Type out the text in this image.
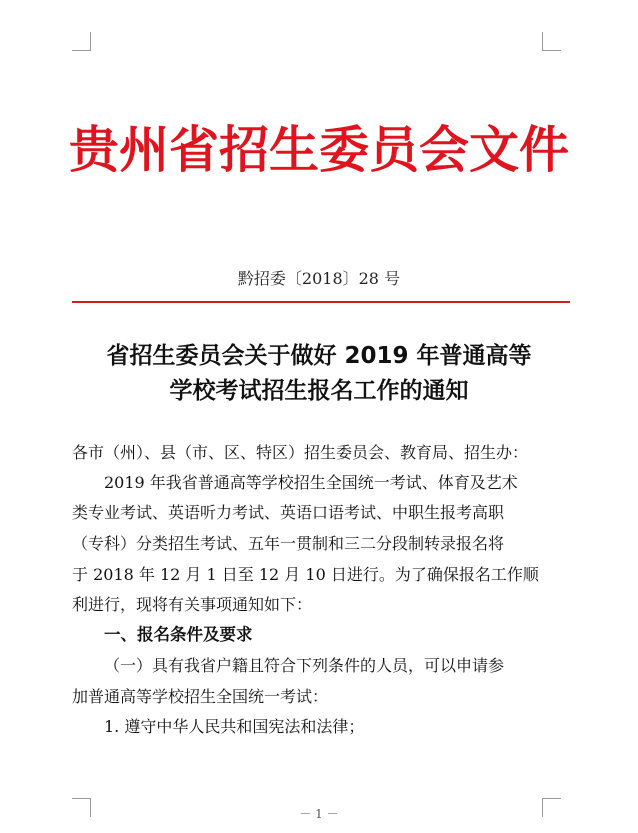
贵州省招生委员会文件
黔招委〔2018〕28 号
省招生委员会关于做好 2019 年普通高等
学校考试招生报名工作的通知
各市（州）、县（市、区、特区）招生委员会、教育局、招生办：
2019 年我省普通高等学校招生全国统一考试、体育及艺术
类专业考试、英语听力考试、英语口语考试、中职生报考高职
（专科）分类招生考试、五年一贯制和三二分段制转录报名将
于 2018 年 12 月 1 日至 12 月 10 日进行。为了确保报名工作顺
利进行，现将有关事项通知如下：
一、报名条件及要求
（一）具有我省户籍且符合下列条件的人员，可以申请参
加普通高等学校招生全国统一考试：
1. 遵守中华人民共和国宪法和法律；
－ 1 －
